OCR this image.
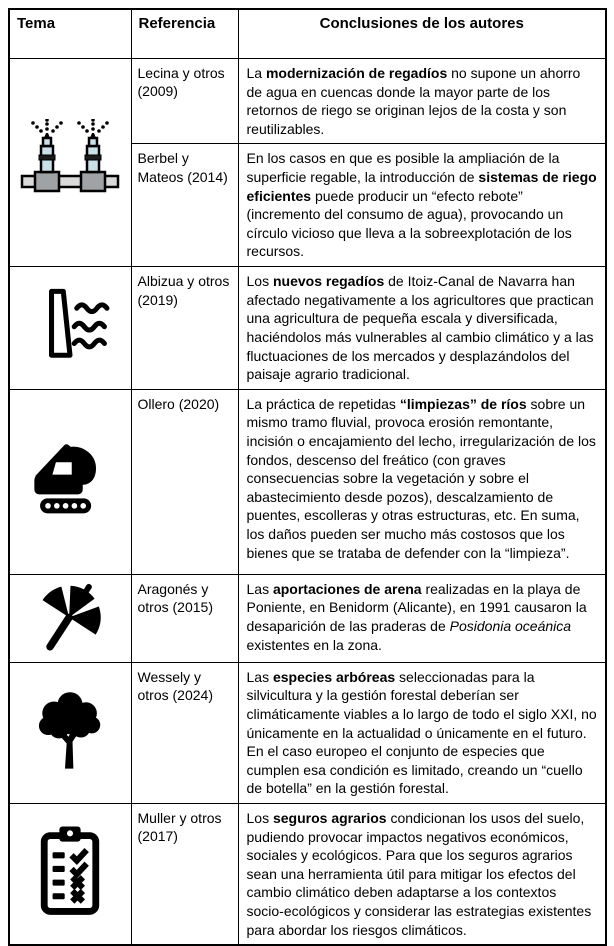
Tema	Referencia	Conclusiones de los autores

	Lecina y otros (2009)	La modernización de regadíos no supone un ahorro de agua en cuencas donde la mayor parte de los retornos de riego se originan lejos de la costa y son reutilizables.
	Berbel y Mateos (2014)	En los casos en que es posible la ampliación de la superficie regable, la introducción de sistemas de riego eficientes puede producir un “efecto rebote” (incremento del consumo de agua), provocando un círculo vicioso que lleva a la sobreexplotación de los recursos.

	Albizua y otros (2019)	Los nuevos regadíos de Itoiz-Canal de Navarra han afectado negativamente a los agricultores que practican una agricultura de pequeña escala y diversificada, haciéndolos más vulnerables al cambio climático y a las fluctuaciones de los mercados y desplazándolos del paisaje agrario tradicional.

	Ollero (2020)	La práctica de repetidas “limpiezas” de ríos sobre un mismo tramo fluvial, provoca erosión remontante, incisión o encajamiento del lecho, irregularización de los fondos, descenso del freático (con graves consecuencias sobre la vegetación y sobre el abastecimiento desde pozos), descalzamiento de puentes, escolleras y otras estructuras, etc. En suma, los daños pueden ser mucho más costosos que los bienes que se trataba de defender con la “limpieza”.

	Aragonés y otros (2015)	Las aportaciones de arena realizadas en la playa de Poniente, en Benidorm (Alicante), en 1991 causaron la desaparición de las praderas de Posidonia oceánica existentes en la zona.

	Wessely y otros (2024)	Las especies arbóreas seleccionadas para la silvicultura y la gestión forestal deberían ser climáticamente viables a lo largo de todo el siglo XXI, no únicamente en la actualidad o únicamente en el futuro. En el caso europeo el conjunto de especies que cumplen esa condición es limitado, creando un “cuello de botella” en la gestión forestal.

	Muller y otros (2017)	Los seguros agrarios condicionan los usos del suelo, pudiendo provocar impactos negativos económicos, sociales y ecológicos. Para que los seguros agrarios sean una herramienta útil para mitigar los efectos del cambio climático deben adaptarse a los contextos socio-ecológicos y considerar las estrategias existentes para abordar los riesgos climáticos.
